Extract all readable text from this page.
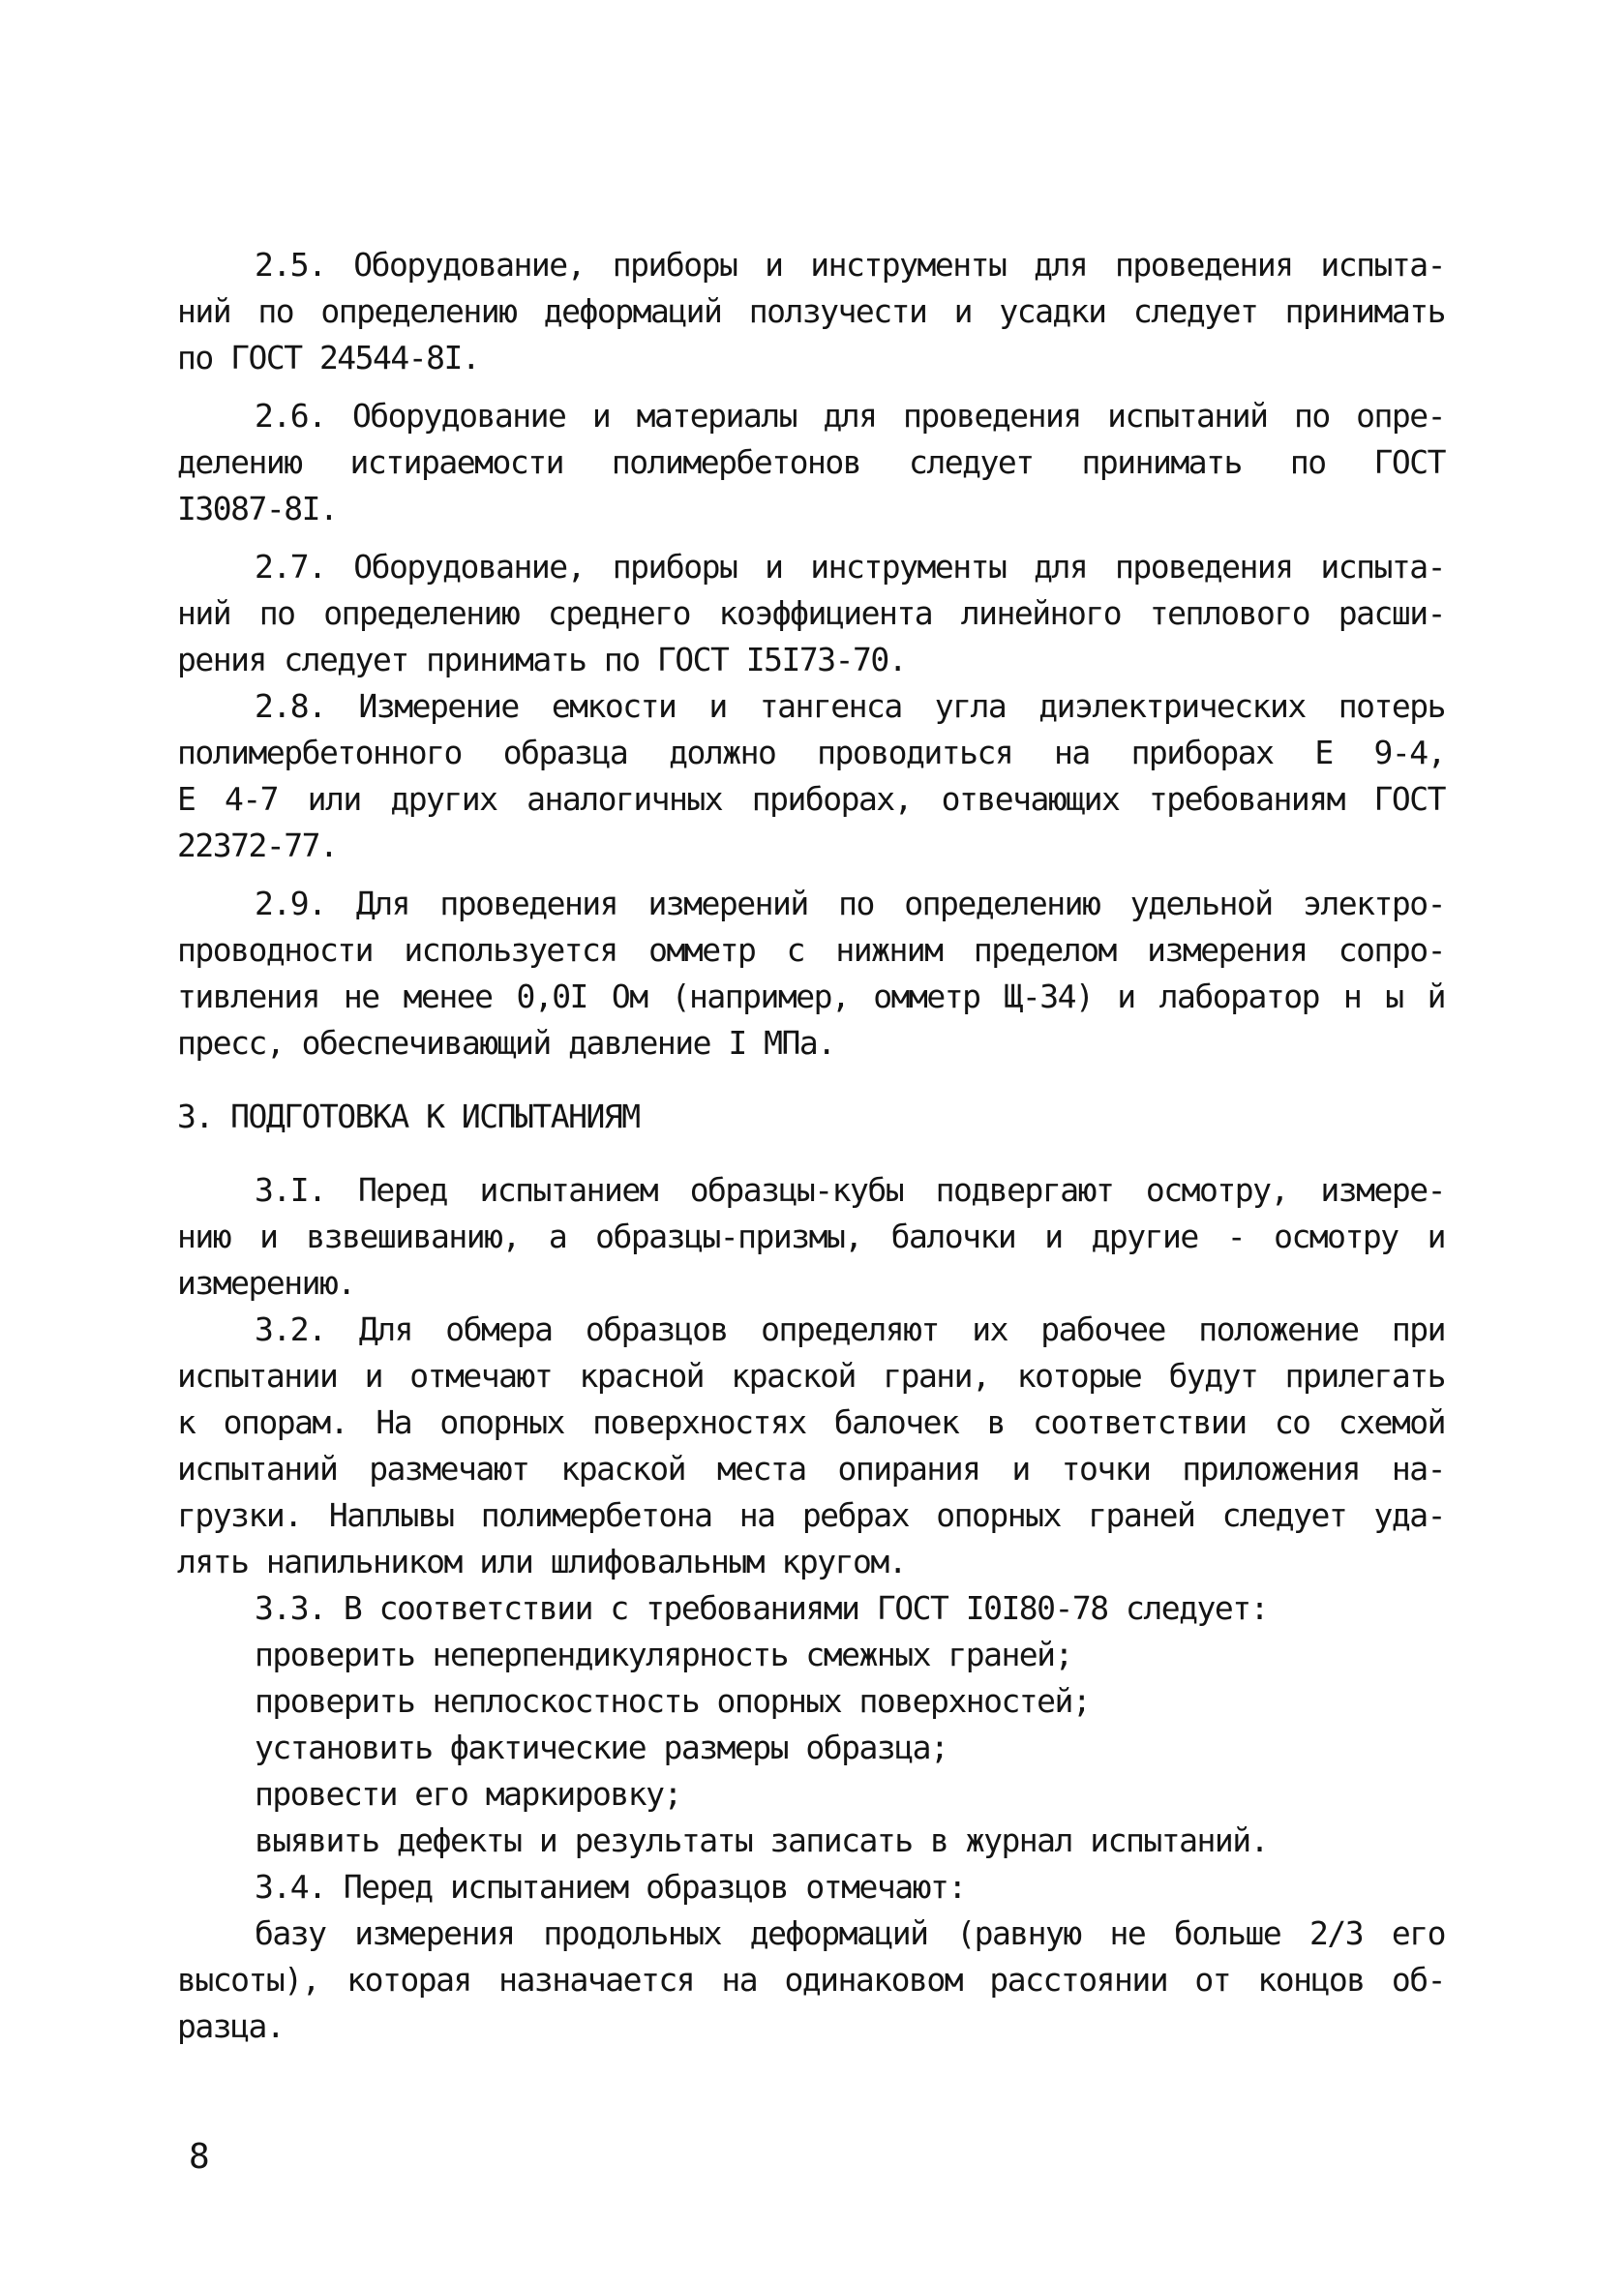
2.5. Оборудование, приборы и инструменты для проведения испыта-
ний по определению деформаций ползучести и усадки следует принимать
по ГОСТ 24544-8I.
2.6. Оборудование и материалы для проведения испытаний по опре-
делению истираемости полимербетонов следует принимать по ГОСТ
I3087-8I.
2.7. Оборудование, приборы и инструменты для проведения испыта-
ний по определению среднего коэффициента линейного теплового расши-
рения следует принимать по ГОСТ I5I73-70.
2.8. Измерение емкости и тангенса угла диэлектрических потерь
полимербетонного образца должно проводиться на приборах Е 9-4,
Е 4-7 или других аналогичных приборах, отвечающих требованиям ГОСТ
22372-77.
2.9. Для проведения измерений по определению удельной электро-
проводности используется омметр с нижним пределом измерения сопро-
тивления не менее 0,0I Ом (например, омметр Щ-34) и лаборатор н ы й
пресс, обеспечивающий давление I МПа.
3. ПОДГОТОВКА К ИСПЫТАНИЯМ
3.I. Перед испытанием образцы-кубы подвергают осмотру, измере-
нию и взвешиванию, а образцы-призмы, балочки и другие - осмотру и
измерению.
3.2. Для обмера образцов определяют их рабочее положение при
испытании и отмечают красной краской грани, которые будут прилегать
к опорам. На опорных поверхностях балочек в соответствии со схемой
испытаний размечают краской места опирания и точки приложения на-
грузки. Наплывы полимербетона на ребрах опорных граней следует уда-
лять напильником или шлифовальным кругом.
3.3. В соответствии с требованиями ГОСТ I0I80-78 следует:
проверить неперпендикулярность смежных граней;
проверить неплоскостность опорных поверхностей;
установить фактические размеры образца;
провести его маркировку;
выявить дефекты и результаты записать в журнал испытаний.
3.4. Перед испытанием образцов отмечают:
базу измерения продольных деформаций (равную не больше 2/3 его
высоты), которая назначается на одинаковом расстоянии от концов об-
разца.
8
